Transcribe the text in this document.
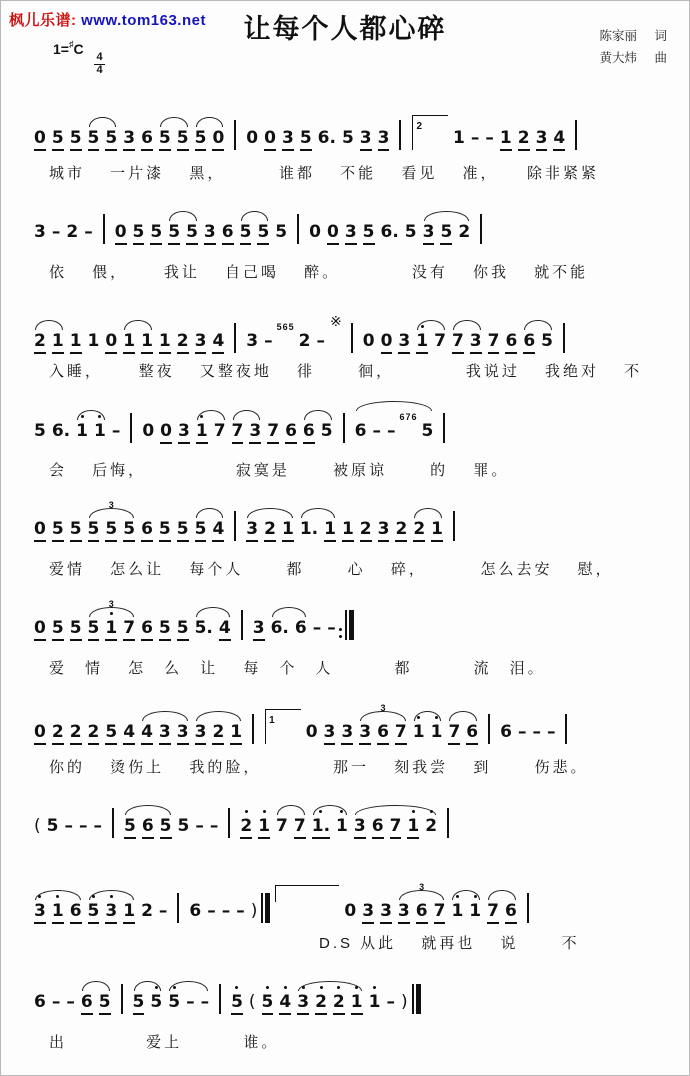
枫儿乐谱: www.tom163.net	让每个人都心碎	陈家丽 词
黄大炜 曲
1=♯C
$\frac{4}{4}$
0 5 5 5 5 3 6 5 5 5 0 0 0 3 5 6. 5 3 321 – – 1 2 3 4
城市　 一片漆　 黑，　　　 谁都　 不能　 看见　 准，　　除非紧紧
3 – 2 – 0 5 5 5 5 3 6 5 5 5 0 0 3 5 6. 5 3 5 2
依　 偎，　　 我让　 自己喝　 醉。　　　　 没有　 你我　 就不能
2 1 1 1 0 1 1 1 2 3 4 3 –5652 –※0 0 3 1 7 7 3 7 6 6 5
入睡，　　 整夜　 又整夜地　 徘　　 徊，　　　　 我说过　 我绝对　 不
5 6. 1 1 – 0 0 3 1 7 7 3 7 6 6 5 6 – –6765
会　 后悔，　　　　　 寂寞是　　 被原谅　　 的　 罪。
0 5 5
3
5 5 5 6 5 5 5 4 3 2 1 1. 1 1 2 3 2 2 1
爱情　 怎么让　 每个人　　 都　　 心　 碎，　　　 怎么去安　 慰，
0 5 5
3
5 1 7 6 5 5 5. 4 3 6. 6 – –
爱　情　 怎　么　让　 每　个　人　　　 都　　　 流　泪。
0 2 2 2 5 4 4 3 3 3 2 110 3 3
3
3 6 7 1 1 7 6 6 – – –
你的　 烫伤上　 我的脸，　　　　 那一　 刻我尝　 到　　 伤悲。
( 5 – – – 5 6 5 5 – – 2 1 7 7 1. 1 3 6 7 1 2
3 1 6 5 3 1 2 – 6 – – – )	0 3 3
3
3 6 7 1 1 7 6
　　　　　　　　　　　　　　　D.S 从此　 就再也　 说　　 不
6 – – 6 5 5 5 5 – – 5 ( 5 4 3 2 2 1 1 – )
出　　　　 爱上　　　 谁。
